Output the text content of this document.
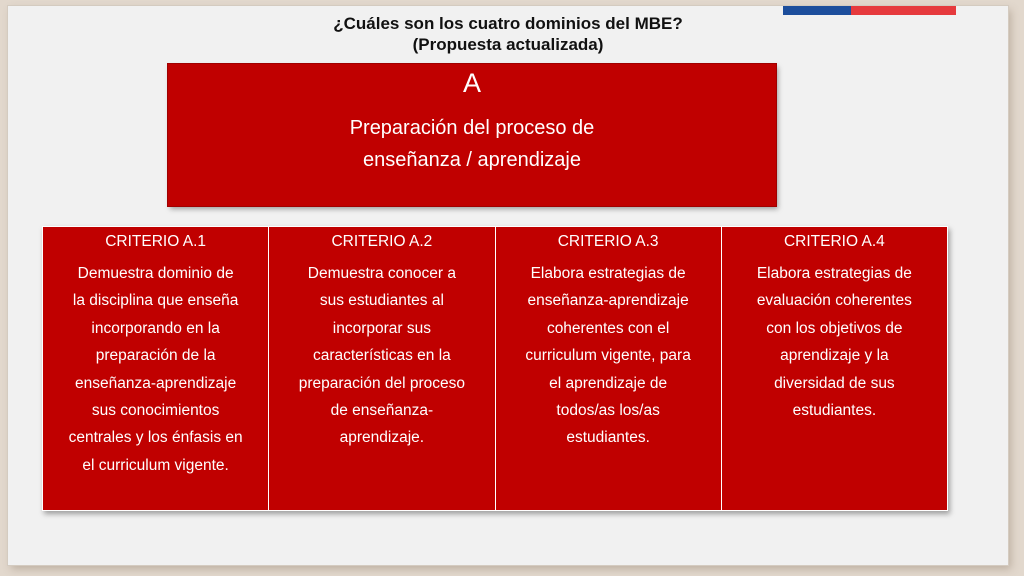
¿Cuáles son los cuatro dominios del MBE?
(Propuesta actualizada)
A
Preparación del proceso de
enseñanza / aprendizaje
CRITERIO A.1
Demuestra dominio de
la disciplina que enseña
incorporando en la
preparación de la
enseñanza-aprendizaje
sus conocimientos
centrales y los énfasis en
el curriculum vigente.

CRITERIO A.2
Demuestra conocer a
sus estudiantes al
incorporar sus
características en la
preparación del proceso
de enseñanza-
aprendizaje.

CRITERIO A.3
Elabora estrategias de
enseñanza-aprendizaje
coherentes con el
curriculum vigente, para
el aprendizaje de
todos/as los/as
estudiantes.

CRITERIO A.4
Elabora estrategias de
evaluación coherentes
con los objetivos de
aprendizaje y la
diversidad de sus
estudiantes.
